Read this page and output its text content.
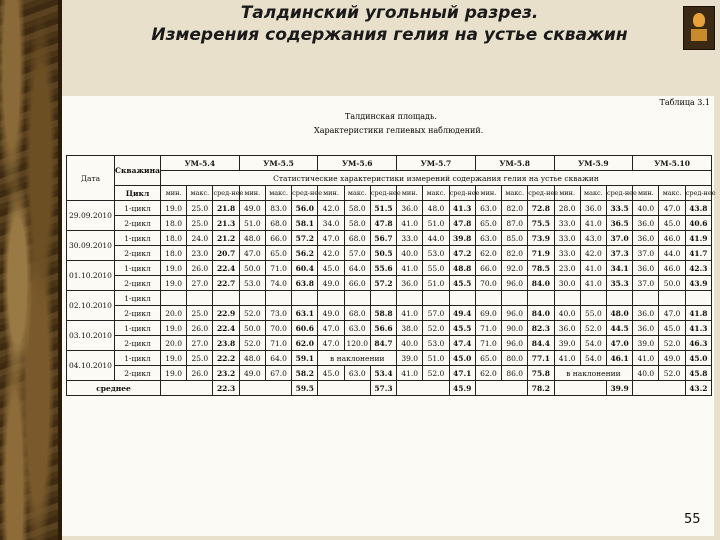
Талдинский угольный разрез.
Измерения содержания гелия на устье скважин
Таблица 3.1
Талдинская площадь.
Характеристики гелиевых наблюдений.
Дата	Скважина	УМ-5.4			УМ-5.5			УМ-5.6			УМ-5.7			УМ-5.8			УМ-5.9			УМ-5.10		
		Статистические характеристики измерений содержания гелия на устье скважин																				
	Цикл	мин.	макс.	сред-нее	мин.	макс.	сред-нее	мин.	макс.	сред-нее	мин.	макс.	сред-нее	мин.	макс.	сред-нее	мин.	макс.	сред-нее	мин.	макс.	сред-нее
29.09.2010	1-цикл	19.0	25.0	21.8	49.0	83.0	56.0	42.0	58.0	51.5	36.0	48.0	41.3	63.0	82.0	72.8	28.0	36.0	33.5	40.0	47.0	43.8
	2-цикл	18.0	25.0	21.3	51.0	68.0	58.1	34.0	58.0	47.8	41.0	51.0	47.8	65.0	87.0	75.5	33.0	41.0	36.5	36.0	45.0	40.6
30.09.2010	1-цикл	18.0	24.0	21.2	48.0	66.0	57.2	47.0	68.0	56.7	33.0	44.0	39.8	63.0	85.0	73.9	33.0	43.0	37.0	36.0	46.0	41.9
	2-цикл	18.0	23.0	20.7	47.0	65.0	56.2	42.0	57.0	50.5	40.0	53.0	47.2	62.0	82.0	71.9	33.0	42.0	37.3	37.0	44.0	41.7
01.10.2010	1-цикл	19.0	26.0	22.4	50.0	71.0	60.4	45.0	64.0	55.6	41.0	55.0	48.8	66.0	92.0	78.5	23.0	41.0	34.1	36.0	46.0	42.3
	2-цикл	19.0	27.0	22.7	53.0	74.0	63.8	49.0	66.0	57.2	36.0	51.0	45.5	70.0	96.0	84.0	30.0	41.0	35.3	37.0	50.0	43.9
02.10.2010	1-цикл																					
	2-цикл	20.0	25.0	22.9	52.0	73.0	63.1	49.0	68.0	58.8	41.0	57.0	49.4	69.0	96.0	84.0	40.0	55.0	48.0	36.0	47.0	41.8
03.10.2010	1-цикл	19.0	26.0	22.4	50.0	70.0	60.6	47.0	63.0	56.6	38.0	52.0	45.5	71.0	90.0	82.3	36.0	52.0	44.5	36.0	45.0	41.3
	2-цикл	20.0	27.0	23.8	52.0	71.0	62.0	47.0	120.0	84.7	40.0	53.0	47.4	71.0	96.0	84.4	39.0	54.0	47.0	39.0	52.0	46.3
04.10.2010	1-цикл	19.0	25.0	22.2	48.0	64.0	59.1	в наклонении			39.0	51.0	45.0	65.0	80.0	77.1	41.0	54.0	46.1	41.0	49.0	45.0
	2-цикл	19.0	26.0	23.2	49.0	67.0	58.2	45.0	63.0	53.4	41.0	52.0	47.1	62.0	86.0	75.8	в наклонении			40.0	52.0	45.8
среднее				22.3			59.5			57.3			45.9			78.2			39.9			43.2
55
